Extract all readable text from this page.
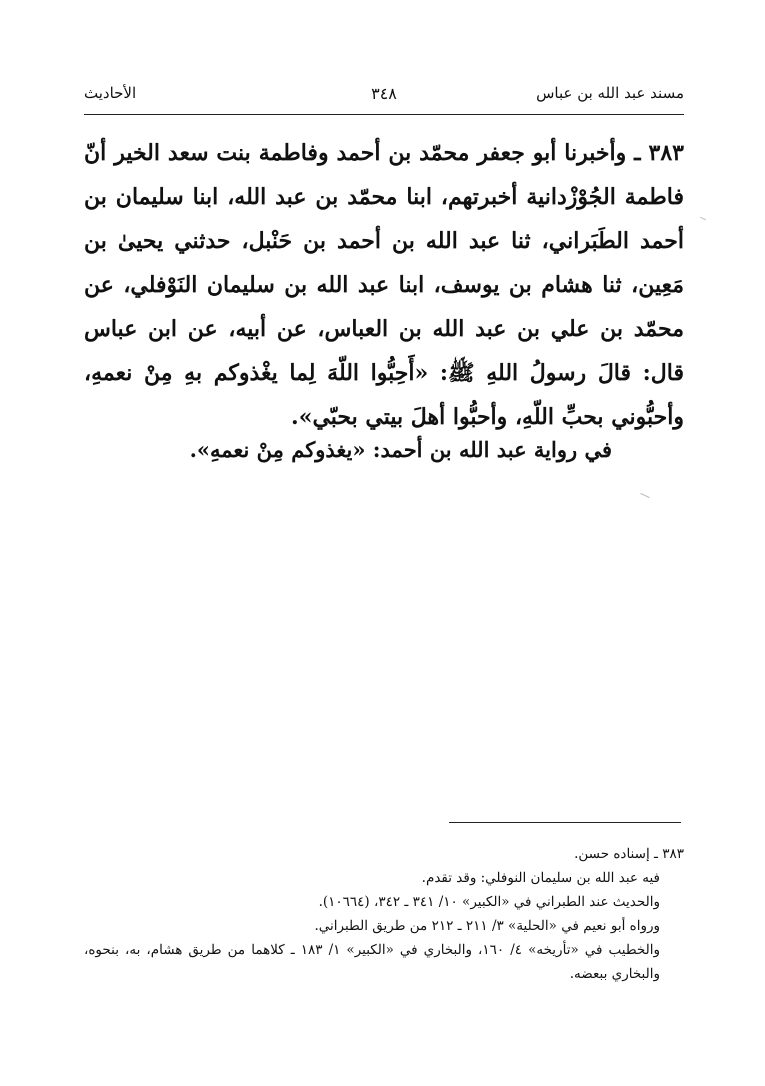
مسند عبد الله بن عباس
٣٤٨
الأحاديث
٣٨٣ ـ وأخبرنا أبو جعفر محمّد بن أحمد وفاطمة بنت سعد الخير أنّ فاطمة الجُوْزْدانية أخبرتهم، ابنا محمّد بن عبد الله، ابنا سليمان بن أحمد الطَبَراني، ثنا عبد الله بن أحمد بن حَنْبل، حدثني يحيىٰ بن مَعِين، ثنا هشام بن يوسف، ابنا عبد الله بن سليمان النَوْفلي، عن محمّد بن علي بن عبد الله بن العباس، عن أبيه، عن ابن عباس قال: قالَ رسولُ اللهِ ﷺ: «أَحِبُّوا اللّهَ لِما يغْذوكم بهِ مِنْ نعمهِ، وأحبُّوني بحبِّ اللّهِ، وأحبُّوا أهلَ بيتي بحبّي».
في رواية عبد الله بن أحمد: «يغذوكم مِنْ نعمهِ».

٣٨٣ ـ إسناده حسن.

فيه عبد الله بن سليمان النوفلي: وقد تقدم.

والحديث عند الطبراني في «الكبير» ١٠/ ٣٤١ ـ ٣٤٢، (١٠٦٦٤).

ورواه أبو نعيم في «الحلية» ٣/ ٢١١ ـ ٢١٢ من طريق الطبراني.

والخطيب في «تأريخه» ٤/ ١٦٠، والبخاري في «الكبير» ١/ ١٨٣ ـ كلاهما من طريق هشام، به، بنحوه، والبخاري ببعضه.
